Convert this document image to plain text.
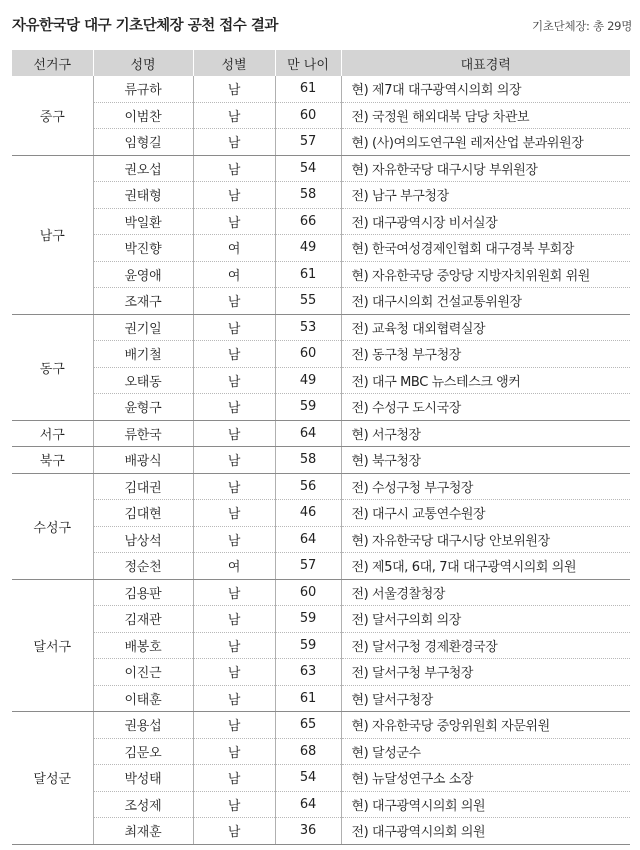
자유한국당 대구 기초단체장 공천 접수 결과	기초단체장: 총 29명
선거구	성명	성별	만 나이	대표경력
중구	류규하	남	61	현) 제7대 대구광역시의회 의장
	이범찬	남	60	전) 국정원 해외대북 담당 차관보
	임형길	남	57	현) (사)여의도연구원 레저산업 분과위원장
남구	권오섭	남	54	현) 자유한국당 대구시당 부위원장
	권태형	남	58	전) 남구 부구청장
	박일환	남	66	전) 대구광역시장 비서실장
	박진향	여	49	현) 한국여성경제인협회 대구경북 부회장
	윤영애	여	61	현) 자유한국당 중앙당 지방자치위원회 위원
	조재구	남	55	전) 대구시의회 건설교통위원장
동구	권기일	남	53	전) 교육청 대외협력실장
	배기철	남	60	전) 동구청 부구청장
	오태동	남	49	전) 대구 MBC 뉴스테스크 앵커
	윤형구	남	59	전) 수성구 도시국장
서구	류한국	남	64	현) 서구청장
북구	배광식	남	58	현) 북구청장
수성구	김대권	남	56	전) 수성구청 부구청장
	김대현	남	46	전) 대구시 교통연수원장
	남상석	남	64	현) 자유한국당 대구시당 안보위원장
	정순천	여	57	전) 제5대, 6대, 7대 대구광역시의회 의원
달서구	김용판	남	60	전) 서울경찰청장
	김재관	남	59	전) 달서구의회 의장
	배봉호	남	59	전) 달서구청 경제환경국장
	이진근	남	63	전) 달서구청 부구청장
	이태훈	남	61	현) 달서구청장
달성군	권용섭	남	65	현) 자유한국당 중앙위원회 자문위원
	김문오	남	68	현) 달성군수
	박성태	남	54	현) 뉴달성연구소 소장
	조성제	남	64	현) 대구광역시의회 의원
	최재훈	남	36	전) 대구광역시의회 의원
